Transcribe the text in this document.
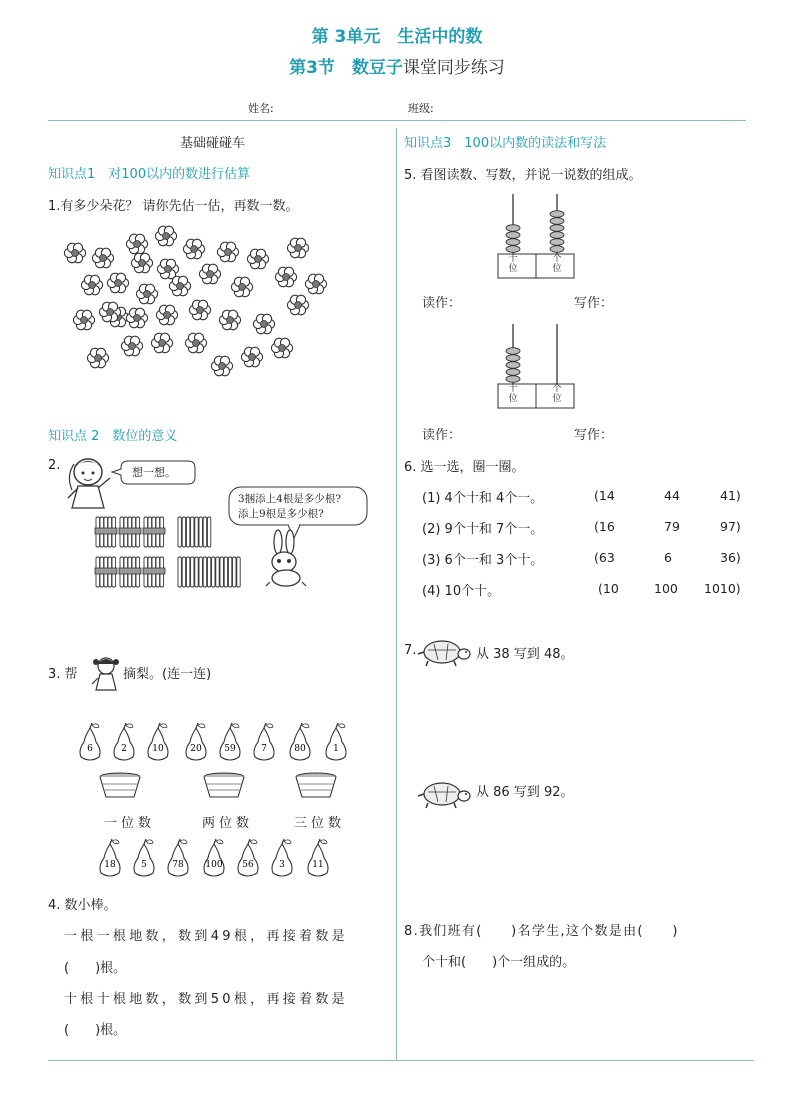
第 3单元　生活中的数
第3节　数豆子课堂同步练习
姓名:	班级:
基础碰碰车
知识点1　对100以内的数进行估算
1.有多少朵花？ 请你先估一估，再数一数。
知识点 2　数位的意义
2.	想一想。
3捆添上4根是多少根?
添上9根是多少根?
3. 帮	摘梨。(连一连)
6	2	10	20	59	7	80	1
18	5	78 100 56	3	11
一位数	两位数	三位数
4. 数小棒。
一根一根地数，数到49根，再接着数是
(　　)根。
十根十根地数，数到50根，再接着数是
(　　)根。
知识点3　100以内数的读法和写法
5. 看图读数、写数，并说一说数的组成。
十位
个位
十位
个位
读作：	写作：
读作：	写作：
6. 选一选，圈一圈。
(1) 4个十和 4个一。	(14	44	41)
(2) 9个十和 7个一。	(16	79	97)
(3) 6个一和 3个十。	(63	6	36)
(4) 10个十。	(10	100 1010)
7.	从 38 写到 48。
从 86 写到 92。
8.我们班有(　　)名学生,这个数是由(　　)
个十和(　　)个一组成的。
